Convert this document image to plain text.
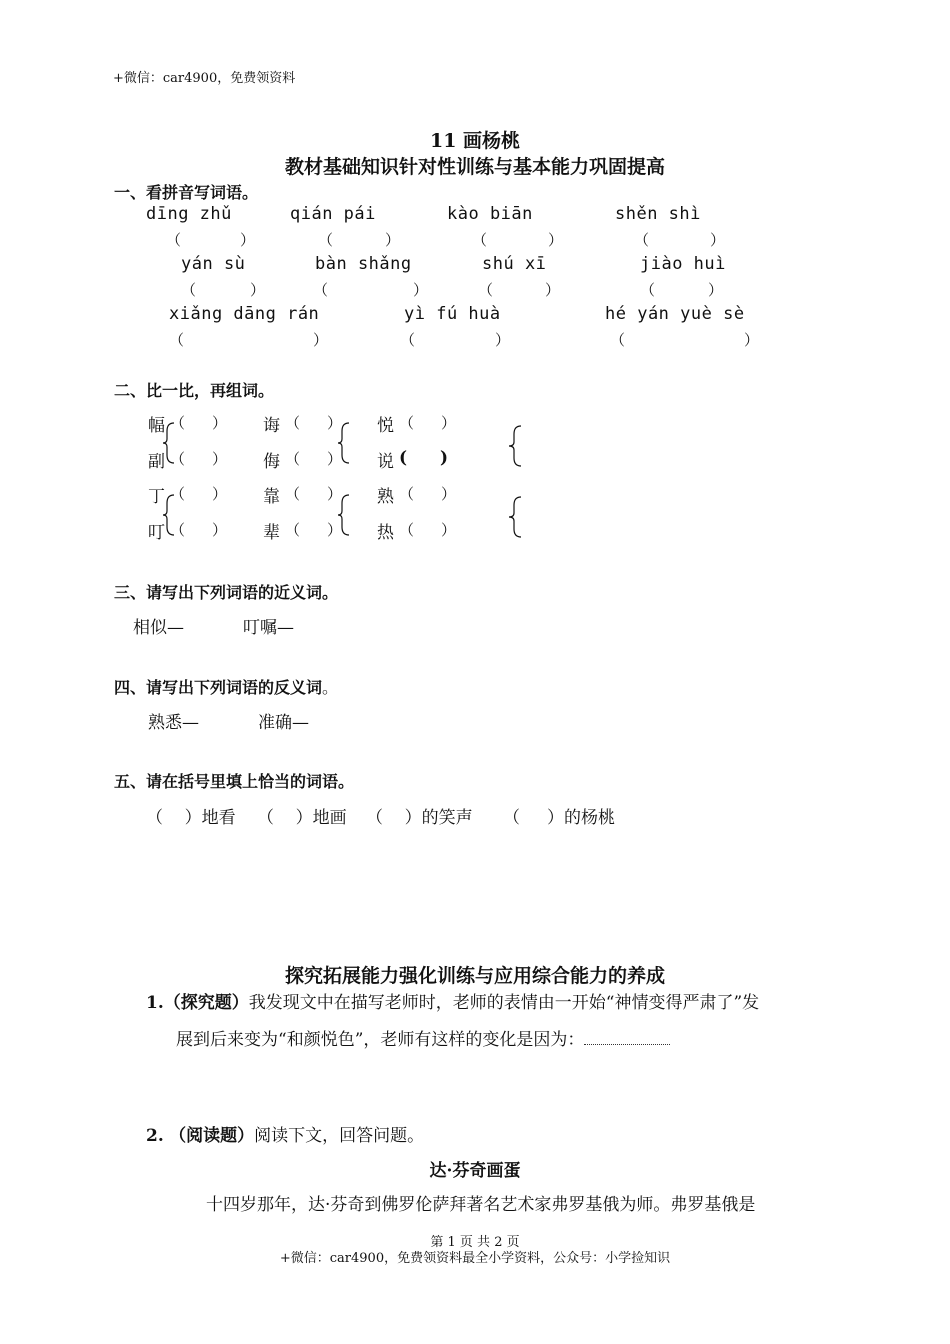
+微信：car4900，免费领资料
11 画杨桃
教材基础知识针对性训练与基本能力巩固提高
一、看拼音写词语。
dīng zhǔ	qián pái	kào biān	shěn shì
（	）	（	）	（	）	（	）
yán sù	bàn shǎng	shú xī	jiào huì
（	）	（	）	（	）	（	）
xiǎng dāng rán	yì fú huà	hé yán yuè sè
（	）	（	）	（	）
二、比一比，再组词。
幅 （ ） 诲 （ ） 悦 （ ）
副 （ ） 侮 （ ） 说 ( )
丁 （ ） 靠 （ ） 熟 （ ）
叮 （ ） 辈 （ ） 热 （ ）
三、请写出下列词语的近义词。
相似—	叮嘱—
四、请写出下列词语的反义词。
熟悉—	准确—
五、请在括号里填上恰当的词语。
（    ）地看 （    ）地画 （    ）的笑声 （     ）的杨桃
探究拓展能力强化训练与应用综合能力的养成
1.（探究题）我发现文中在描写老师时，老师的表情由一开始“神情变得严肃了”发
展到后来变为“和颜悦色”，老师有这样的变化是因为：
2. （阅读题）阅读下文，回答问题。
达·芬奇画蛋
十四岁那年，达·芬奇到佛罗伦萨拜著名艺术家弗罗基俄为师。弗罗基俄是
第 1 页 共 2 页
+微信：car4900，免费领资料最全小学资料，公众号：小学捡知识
